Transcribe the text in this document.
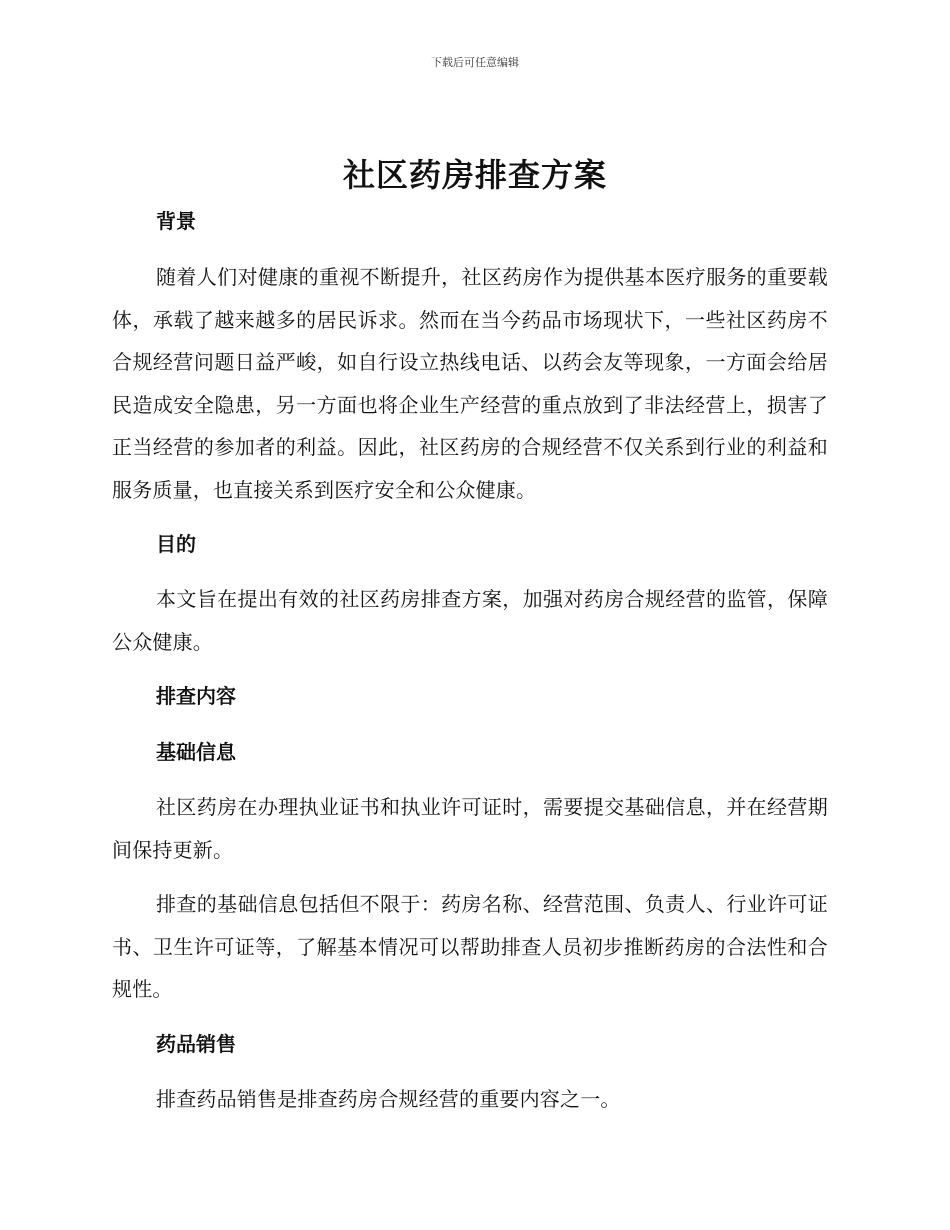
下载后可任意编辑
社区药房排查方案
背景

随着人们对健康的重视不断提升，社区药房作为提供基本医疗服务的重要载体，承载了越来越多的居民诉求。然而在当今药品市场现状下，一些社区药房不合规经营问题日益严峻，如自行设立热线电话、以药会友等现象，一方面会给居民造成安全隐患，另一方面也将企业生产经营的重点放到了非法经营上，损害了正当经营的参加者的利益。因此，社区药房的合规经营不仅关系到行业的利益和服务质量，也直接关系到医疗安全和公众健康。

目的

本文旨在提出有效的社区药房排查方案，加强对药房合规经营的监管，保障公众健康。

排查内容
基础信息

社区药房在办理执业证书和执业许可证时，需要提交基础信息，并在经营期间保持更新。

排查的基础信息包括但不限于：药房名称、经营范围、负责人、行业许可证书、卫生许可证等，了解基本情况可以帮助排查人员初步推断药房的合法性和合规性。

药品销售

排查药品销售是排查药房合规经营的重要内容之一。
